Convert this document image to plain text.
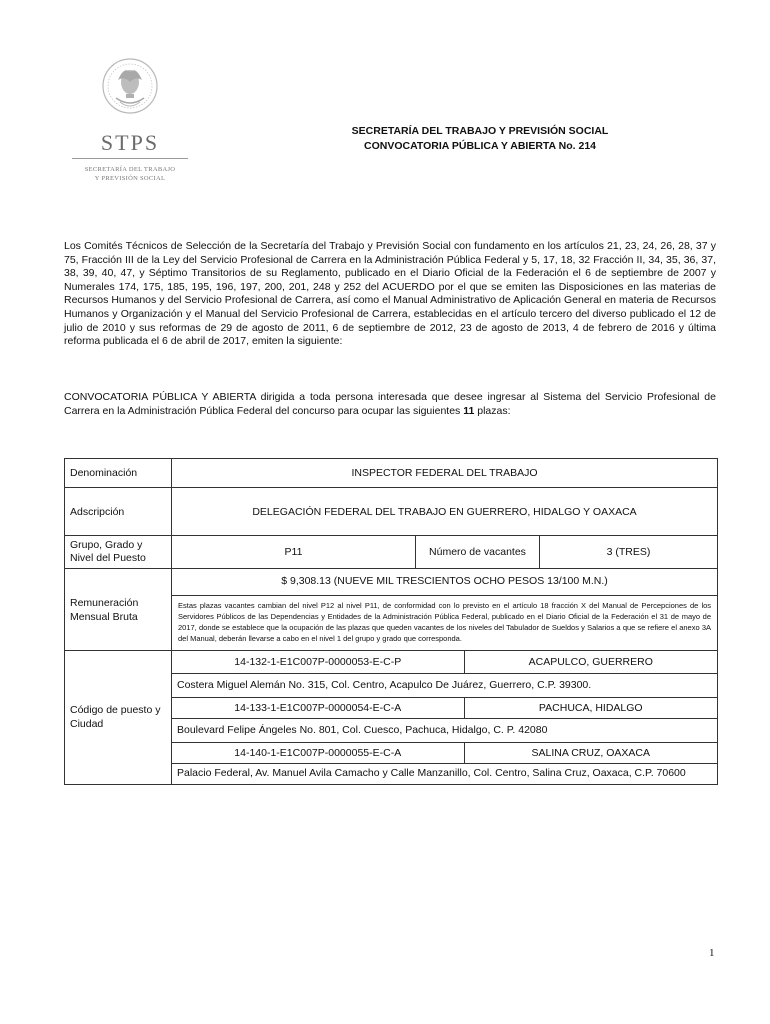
STPS
SECRETARÍA DEL TRABAJO
Y PREVISIÓN SOCIAL
SECRETARÍA DEL TRABAJO Y PREVISIÓN SOCIAL
CONVOCATORIA PÚBLICA Y ABIERTA No. 214
Los Comités Técnicos de Selección de la Secretaría del Trabajo y Previsión Social con fundamento en los artículos 21, 23, 24, 26, 28, 37 y 75, Fracción III de la Ley del Servicio Profesional de Carrera en la Administración Pública Federal y 5, 17, 18, 32 Fracción II, 34, 35, 36, 37, 38, 39, 40, 47, y Séptimo Transitorios de su Reglamento, publicado en el Diario Oficial de la Federación el 6 de septiembre de 2007 y Numerales 174, 175, 185, 195, 196, 197, 200, 201, 248 y 252 del ACUERDO por el que se emiten las Disposiciones en las materias de Recursos Humanos y del Servicio Profesional de Carrera, así como el Manual Administrativo de Aplicación General en materia de Recursos Humanos y Organización y el Manual del Servicio Profesional de Carrera, establecidas en el artículo tercero del diverso publicado el 12 de julio de 2010 y sus reformas de 29 de agosto de 2011, 6 de septiembre de 2012, 23 de agosto de 2013, 4 de febrero de 2016 y última reforma publicada el 6 de abril de 2017, emiten la siguiente:
CONVOCATORIA PÚBLICA Y ABIERTA dirigida a toda persona interesada que desee ingresar al Sistema del Servicio Profesional de Carrera en la Administración Pública Federal del concurso para ocupar las siguientes 11 plazas:
Denominación	INSPECTOR FEDERAL DEL TRABAJO
Adscripción	DELEGACIÓN FEDERAL DEL TRABAJO EN GUERRERO, HIDALGO Y OAXACA
Grupo, Grado y Nivel del Puesto	P11	Número de vacantes	3 (TRES)
Remuneración Mensual Bruta	
$ 9,308.13 (NUEVE MIL TRESCIENTOS OCHO PESOS 13/100 M.N.)
Estas plazas vacantes cambian del nivel P12 al nivel P11, de conformidad con lo previsto en el artículo 18 fracción X del Manual de Percepciones de los Servidores Públicos de las Dependencias y Entidades de la Administración Pública Federal, publicado en el Diario Oficial de la Federación el 31 de mayo de 2017, donde se establece que la ocupación de las plazas que queden vacantes de los niveles del Tabulador de Sueldos y Salarios a que se refiere el anexo 3A del Manual, deberán llevarse a cabo en el nivel 1 del grupo y grado que corresponda.

Código de puesto y Ciudad	
14-132-1-E1C007P-0000053-E-C-P	ACAPULCO, GUERRERO
Costera Miguel Alemán No. 315, Col. Centro, Acapulco De Juárez, Guerrero, C.P. 39300.
14-133-1-E1C007P-0000054-E-C-A	PACHUCA, HIDALGO
Boulevard Felipe Ángeles No. 801, Col. Cuesco, Pachuca, Hidalgo, C. P. 42080
14-140-1-E1C007P-0000055-E-C-A	SALINA CRUZ, OAXACA
Palacio Federal, Av. Manuel Avila Camacho y Calle Manzanillo, Col. Centro, Salina Cruz, Oaxaca, C.P. 70600
1
